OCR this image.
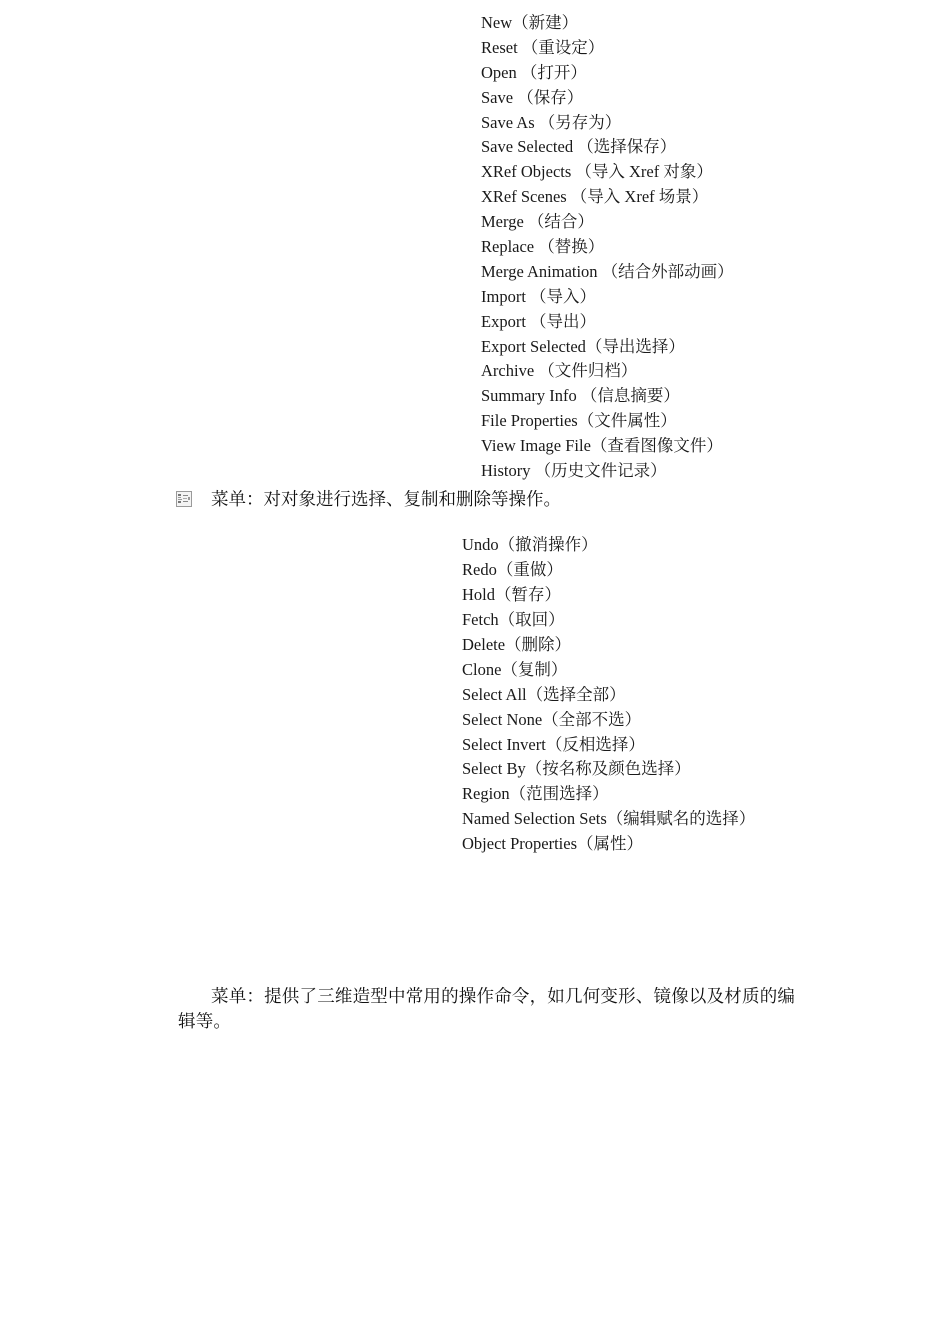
New（新建）
Reset （重设定）
Open （打开）
Save （保存）
Save As （另存为）
Save Selected （选择保存）
XRef Objects （导入 Xref 对象）
XRef Scenes （导入 Xref 场景）
Merge （结合）
Replace （替换）
Merge Animation （结合外部动画）
Import （导入）
Export （导出）
Export Selected（导出选择）
Archive （文件归档）
Summary Info （信息摘要）
File Properties（文件属性）
View Image File（查看图像文件）
History （历史文件记录）

菜单：对对象进行选择、复制和删除等操作。

Undo（撤消操作）
Redo（重做）
Hold（暂存）
Fetch（取回）
Delete（删除）
Clone（复制）
Select All（选择全部）
Select None（全部不选）
Select Invert（反相选择）
Select By（按名称及颜色选择）
Region（范围选择）
Named Selection Sets（编辑赋名的选择）
Object Properties（属性）

菜单：提供了三维造型中常用的操作命令，如几何变形、镜像以及材质的编辑等。
